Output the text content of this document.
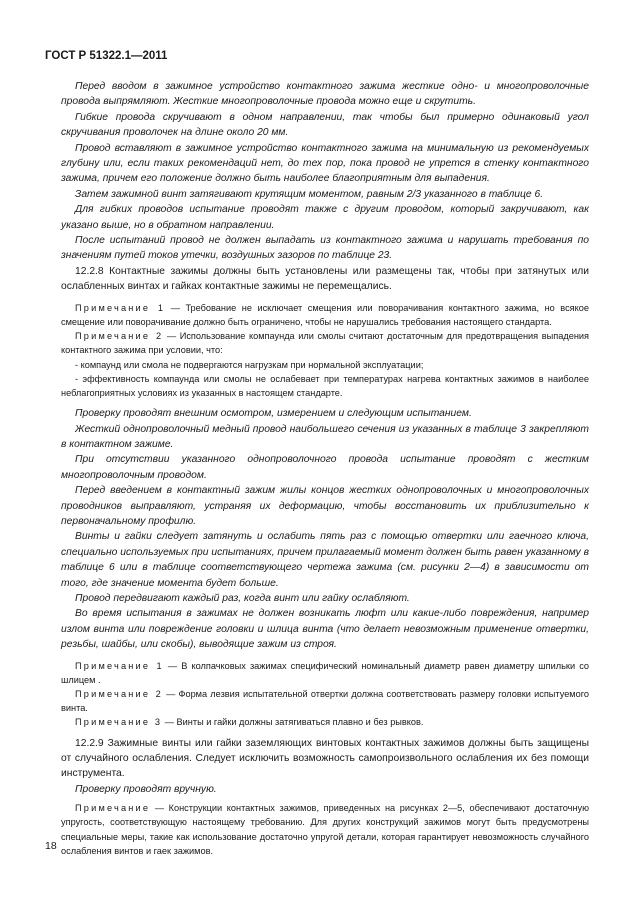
ГОСТ Р 51322.1—2011

Перед вводом в зажимное устройство контактного зажима жесткие одно- и многопроволочные провода выпрямляют. Жесткие многопроволочные провода можно еще и скрутить.

Гибкие провода скручивают в одном направлении, так чтобы был примерно одинаковый угол скручивания проволочек на длине около 20 мм.

Провод вставляют в зажимное устройство контактного зажима на минимальную из рекомендуемых глубину или, если таких рекомендаций нет, до тех пор, пока провод не упрется в стенку контактного зажима, причем его положение должно быть наиболее благоприятным для выпадения.

Затем зажимной винт затягивают крутящим моментом, равным 2/3 указанного в таблице 6.

Для гибких проводов испытание проводят также с другим проводом, который закручивают, как указано выше, но в обратном направлении.

После испытаний провод не должен выпадать из контактного зажима и нарушать требования по значениям путей токов утечки, воздушных зазоров по таблице 23.

12.2.8 Контактные зажимы должны быть установлены или размещены так, чтобы при затянутых или ослабленных винтах и гайках контактные зажимы не перемещались.

Примечание 1 — Требование не исключает смещения или поворачивания контактного зажима, но всякое смещение или поворачивание должно быть ограничено, чтобы не нарушались требования настоящего стандарта.

Примечание 2 — Использование компаунда или смолы считают достаточным для предотвращения выпадения контактного зажима при условии, что:

- компаунд или смола не подвергаются нагрузкам при нормальной эксплуатации;

- эффективность компаунда или смолы не ослабевает при температурах нагрева контактных зажимов в наиболее неблагоприятных условиях из указанных в настоящем стандарте.

Проверку проводят внешним осмотром, измерением и следующим испытанием.

Жесткий однопроволочный медный провод наибольшего сечения из указанных в таблице 3 закрепляют в контактном зажиме.

При отсутствии указанного однопроволочного провода испытание проводят с жестким многопроволочным проводом.

Перед введением в контактный зажим жилы концов жестких однопроволочных и многопроволочных проводников выправляют, устраняя их деформацию, чтобы восстановить их приблизительно к первоначальному профилю.

Винты и гайки следует затянуть и ослабить пять раз с помощью отвертки или гаечного ключа, специально используемых при испытаниях, причем прилагаемый момент должен быть равен указанному в таблице 6 или в таблице соответствующего чертежа зажима (см. рисунки 2—4) в зависимости от того, где значение момента будет больше.

Провод передвигают каждый раз, когда винт или гайку ослабляют.

Во время испытания в зажимах не должен возникать люфт или какие-либо повреждения, например излом винта или повреждение головки и шлица винта (что делает невозможным применение отвертки, резьбы, шайбы, или скобы), выводящие зажим из строя.

Примечание 1 — В колпачковых зажимах специфический номинальный диаметр равен диаметру шпильки со шлицем .

Примечание 2 — Форма лезвия испытательной отвертки должна соответствовать размеру головки испытуемого винта.

Примечание 3 — Винты и гайки должны затягиваться плавно и без рывков.

12.2.9 Зажимные винты или гайки заземляющих винтовых контактных зажимов должны быть защищены от случайного ослабления. Следует исключить возможность самопроизвольного ослабления их без помощи инструмента.

Проверку проводят вручную.

Примечание — Конструкции контактных зажимов, приведенных на рисунках 2—5, обеспечивают достаточную упругость, соответствующую настоящему требованию. Для других конструкций зажимов могут быть предусмотрены специальные меры, такие как использование достаточно упругой детали, которая гарантирует невозможность случайного ослабления винтов и гаек зажимов.

18
